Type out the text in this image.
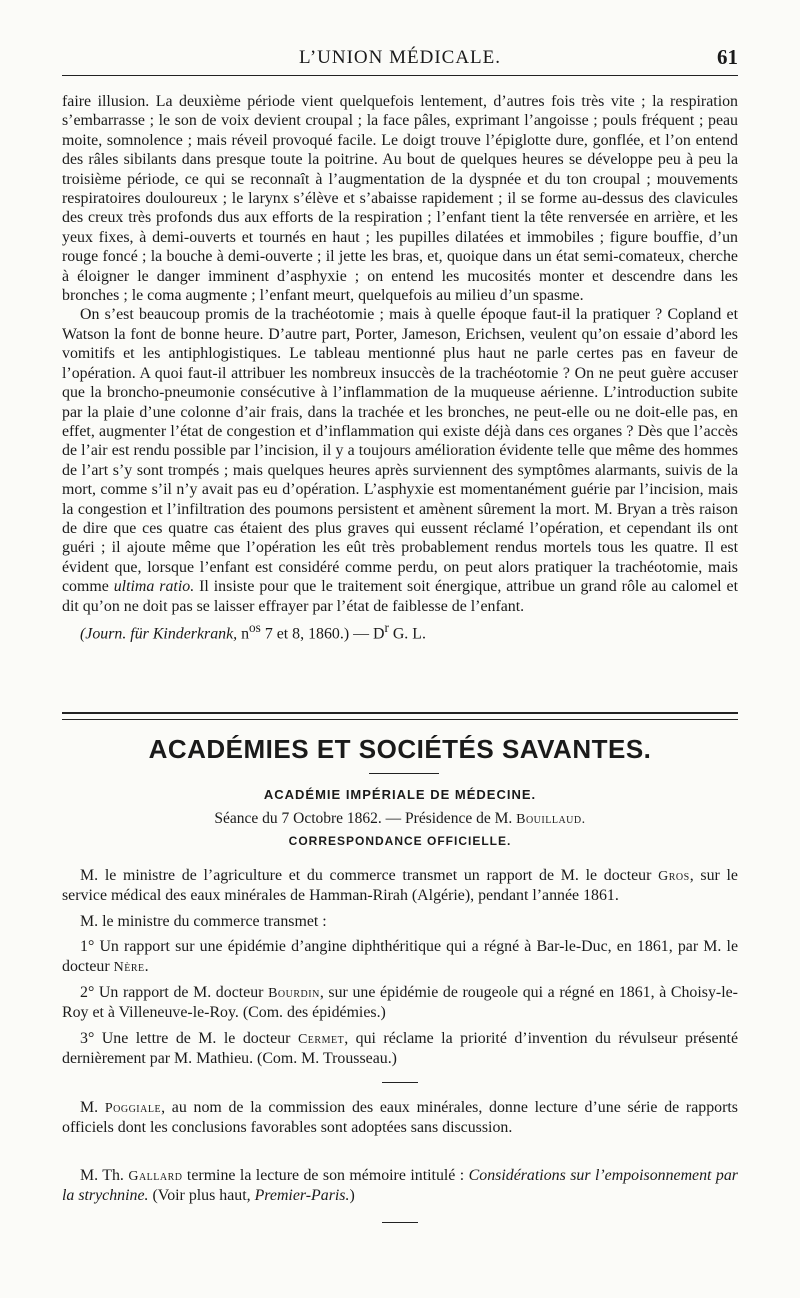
L’UNION MÉDICALE.	61

faire illusion. La deuxième période vient quelquefois lentement, d’autres fois très vite ; la respiration s’embarrasse ; le son de voix devient croupal ; la face pâles, exprimant l’angoisse ; pouls fréquent ; peau moite, somnolence ; mais réveil provoqué facile. Le doigt trouve l’épiglotte dure, gonflée, et l’on entend des râles sibilants dans presque toute la poitrine. Au bout de quelques heures se développe peu à peu la troisième période, ce qui se reconnaît à l’augmentation de la dyspnée et du ton croupal ; mouvements respiratoires douloureux ; le larynx s’élève et s’abaisse rapidement ; il se forme au-dessus des clavicules des creux très profonds dus aux efforts de la respiration ; l’enfant tient la tête renversée en arrière, et les yeux fixes, à demi-ouverts et tournés en haut ; les pupilles dilatées et immobiles ; figure bouffie, d’un rouge foncé ; la bouche à demi-ouverte ; il jette les bras, et, quoique dans un état semi-comateux, cherche à éloigner le danger imminent d’asphyxie ; on entend les mucosités monter et descendre dans les bronches ; le coma augmente ; l’enfant meurt, quelquefois au milieu d’un spasme.

On s’est beaucoup promis de la trachéotomie ; mais à quelle époque faut-il la pratiquer ? Copland et Watson la font de bonne heure. D’autre part, Porter, Jameson, Erichsen, veulent qu’on essaie d’abord les vomitifs et les antiphlogistiques. Le tableau mentionné plus haut ne parle certes pas en faveur de l’opération. A quoi faut-il attribuer les nombreux insuccès de la trachéotomie ? On ne peut guère accuser que la broncho-pneumonie consécutive à l’inflammation de la muqueuse aérienne. L’introduction subite par la plaie d’une colonne d’air frais, dans la trachée et les bronches, ne peut-elle ou ne doit-elle pas, en effet, augmenter l’état de congestion et d’inflammation qui existe déjà dans ces organes ? Dès que l’accès de l’air est rendu possible par l’incision, il y a toujours amélioration évidente telle que même des hommes de l’art s’y sont trompés ; mais quelques heures après surviennent des symptômes alarmants, suivis de la mort, comme s’il n’y avait pas eu d’opération. L’asphyxie est momentanément guérie par l’incision, mais la congestion et l’infiltration des poumons persistent et amènent sûrement la mort. M. Bryan a très raison de dire que ces quatre cas étaient des plus graves qui eussent réclamé l’opération, et cependant ils ont guéri ; il ajoute même que l’opération les eût très probablement rendus mortels tous les quatre. Il est évident que, lorsque l’enfant est considéré comme perdu, on peut alors pratiquer la trachéotomie, mais comme ultima ratio. Il insiste pour que le traitement soit énergique, attribue un grand rôle au calomel et dit qu’on ne doit pas se laisser effrayer par l’état de faiblesse de l’enfant.

(Journ. für Kinderkrank, $n^{os}$ 7 et 8, 1860.) — $D^r$ G. L.

ACADÉMIES ET SOCIÉTÉS SAVANTES.
ACADÉMIE IMPÉRIALE DE MÉDECINE.
Séance du 7 Octobre 1862. — Présidence de M. Bouillaud.
CORRESPONDANCE OFFICIELLE.

M. le ministre de l’agriculture et du commerce transmet un rapport de M. le docteur Gros, sur le service médical des eaux minérales de Hamman-Rirah (Algérie), pendant l’année 1861.

M. le ministre du commerce transmet :

1° Un rapport sur une épidémie d’angine diphthéritique qui a régné à Bar-le-Duc, en 1861, par M. le docteur Nère.

2° Un rapport de M. docteur Bourdin, sur une épidémie de rougeole qui a régné en 1861, à Choisy-le-Roy et à Villeneuve-le-Roy. (Com. des épidémies.)

3° Une lettre de M. le docteur Cermet, qui réclame la priorité d’invention du révulseur présenté dernièrement par M. Mathieu. (Com. M. Trousseau.)

M. Poggiale, au nom de la commission des eaux minérales, donne lecture d’une série de rapports officiels dont les conclusions favorables sont adoptées sans discussion.

M. Th. Gallard termine la lecture de son mémoire intitulé : Considérations sur l’empoisonnement par la strychnine. (Voir plus haut, Premier-Paris.)
